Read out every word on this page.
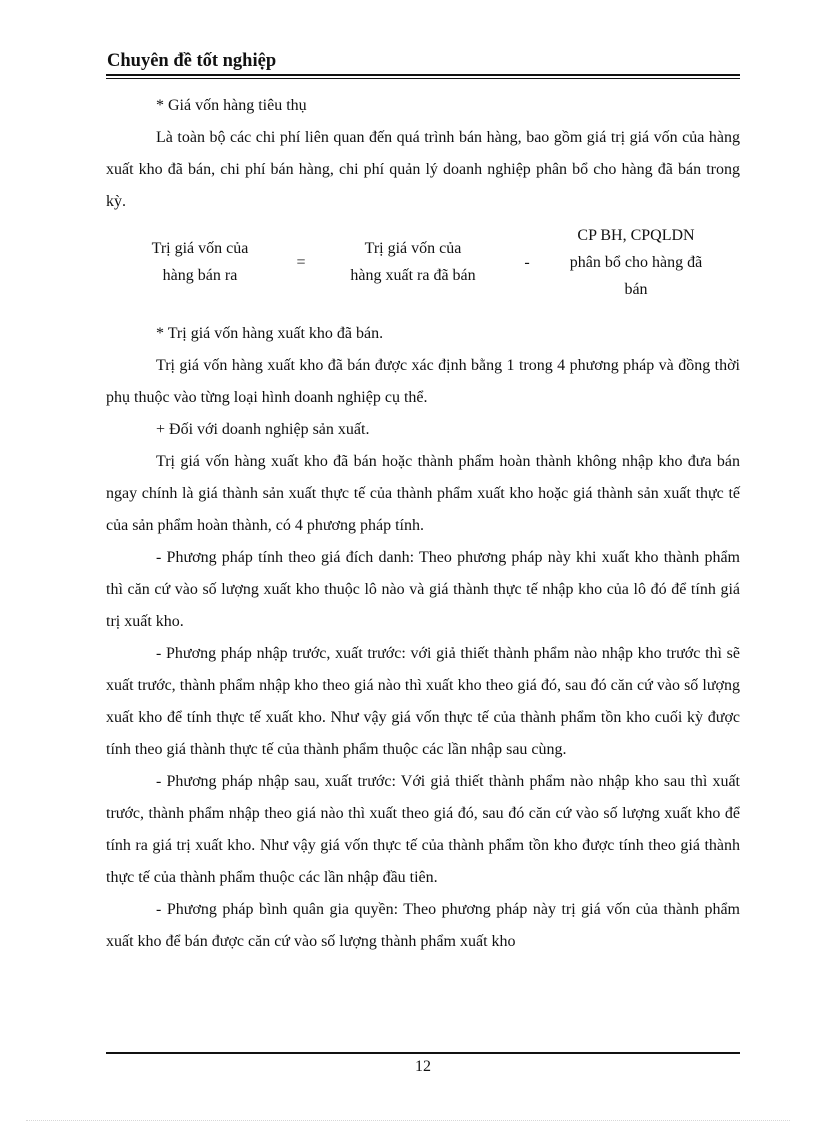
Chuyên đề tốt nghiệp

* Giá vốn hàng tiêu thụ

Là toàn bộ các chi phí liên quan đến quá trình bán hàng, bao gồm giá trị giá vốn của hàng xuất kho đã bán, chi phí bán hàng, chi phí quản lý doanh nghiệp phân bổ cho hàng đã bán trong kỳ.

Trị giá vốn của
hàng bán ra
=
Trị giá vốn của
hàng xuất ra đã bán
-
CP BH, CPQLDN
phân bổ cho hàng đã
bán

* Trị giá vốn hàng xuất kho đã bán.

Trị giá vốn hàng xuất kho đã bán được xác định bằng 1 trong 4 phương pháp và đồng thời phụ thuộc vào từng loại hình doanh nghiệp cụ thể.

+ Đối với doanh nghiệp sản xuất.

Trị giá vốn hàng xuất kho đã bán hoặc thành phẩm hoàn thành không nhập kho đưa bán ngay chính là giá thành sản xuất thực tế của thành phẩm xuất kho hoặc giá thành sản xuất thực tế của sản phẩm hoàn thành, có 4 phương pháp tính.

- Phương pháp tính theo giá đích danh: Theo phương pháp này khi xuất kho thành phẩm thì căn cứ vào số lượng xuất kho thuộc lô nào và giá thành thực tế nhập kho của lô đó để tính giá trị xuất kho.

- Phương pháp nhập trước, xuất trước: với giả thiết thành phẩm nào nhập kho trước thì sẽ xuất trước, thành phẩm nhập kho theo giá nào thì xuất kho theo giá đó, sau đó căn cứ vào số lượng xuất kho để tính thực tế xuất kho. Như vậy giá vốn thực tế của thành phẩm tồn kho cuối kỳ được tính theo giá thành thực tế của thành phẩm thuộc các lần nhập sau cùng.

- Phương pháp nhập sau, xuất trước: Với giả thiết thành phẩm nào nhập kho sau thì xuất trước, thành phẩm nhập theo giá nào thì xuất theo giá đó, sau đó căn cứ vào số lượng xuất kho để tính ra giá trị xuất kho. Như vậy giá vốn thực tế của thành phẩm tồn kho được tính theo giá thành thực tế của thành phẩm thuộc các lần nhập đầu tiên.

- Phương pháp bình quân gia quyền: Theo phương pháp này trị giá vốn của thành phẩm xuất kho để bán được căn cứ vào số lượng thành phẩm xuất kho

12
